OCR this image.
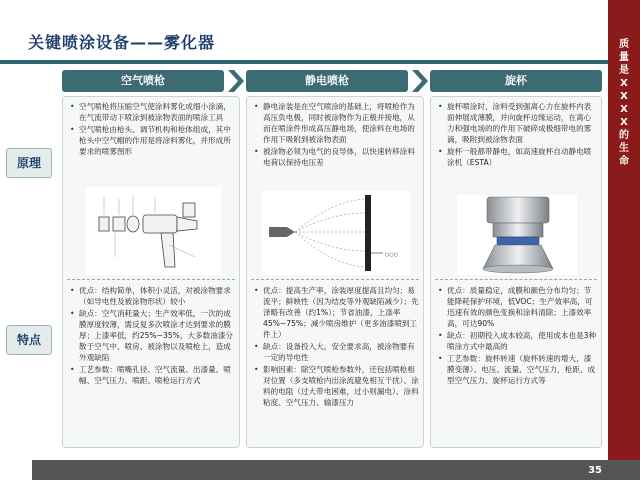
关键喷涂设备——雾化器	质
量
是
X
X
X
X
的
生
命
35
空气喷枪	静电喷枪	旋杯
原理
特点
• 空气喷枪将压缩空气使涂料雾化成细小涂滴，在气流带动下喷涂到被涂物表面的喷涂工具
• 空气喷枪由枪头、调节机构和枪体组成，其中枪头中空气帽的作用是将涂料雾化，并形成所要求的喷雾图形
• 优点：结构简单，体积小灵活，对被涂物要求（如导电性及被涂物形状）较小
• 缺点：空气消耗量大；生产效率低，一次的成膜厚度较薄，需反复多次喷涂才达到要求的膜厚；上漆率低，约25%~35%，大多数油漆分散于空气中、喷房、被涂物以及喷枪上，造成外观缺陷
• 工艺参数：喷嘴孔径、空气流量、出漆量、喷幅、空气压力、喷距、喷枪运行方式
• 静电涂装是在空气喷涂的基础上，将喷枪作为高压负电极，同时被涂物作为正极并接地，从而在喷涂件形成高压静电场，使涂料在电场的作用下吸附到被涂物表面
• 被涂物必须为电气的良导体，以快速转移涂料电荷以保持电压差
○○○
• 优点：提高生产率，涂装厚度提高且均匀；易流平；鲜映性（因为结皮等外观缺陷减少）；先泽略有改善（约1%）；节省油漆，上涤率45%~75%；减少喷房维护（更多油漆喷到工件上）
• 缺点：设备投入大，安全要求高，被涂物要有一定的导电性
• 影响因素：除空气喷枪参数外，还包括喷枪相对位置（多支喷枪内出涂流避免相互干扰）、涂料的电阻（过大带电困难，过小则漏电）、涂料粘度、空气压力、输漆压力
• 旋杯喷涂时，涂料受到强离心力在旋杯内表面伸展成薄膜，并向旋杯边缘运动，在离心力和强电场的的作用下破碎成极细带电的雾滴，吸附到被涂物表面
• 旋杯一般都带静电，如高速旋杯自动静电喷涂机（ESTA）
• 优点：质量稳定，成膜和颜色分布均匀；节能降耗保护环境，低VOC；生产效率高，可迅速有效的颜色变换和涂料清除；上漆效率高，可达90%
• 缺点：初期投入成本较高，使用成本也是3种喷涂方式中最高的
• 工艺参数：旋杯转速（旋杯转速的增大，漆膜变薄）、电压、流量、空气压力，枪距、成型空气压力、旋杯运行方式等
